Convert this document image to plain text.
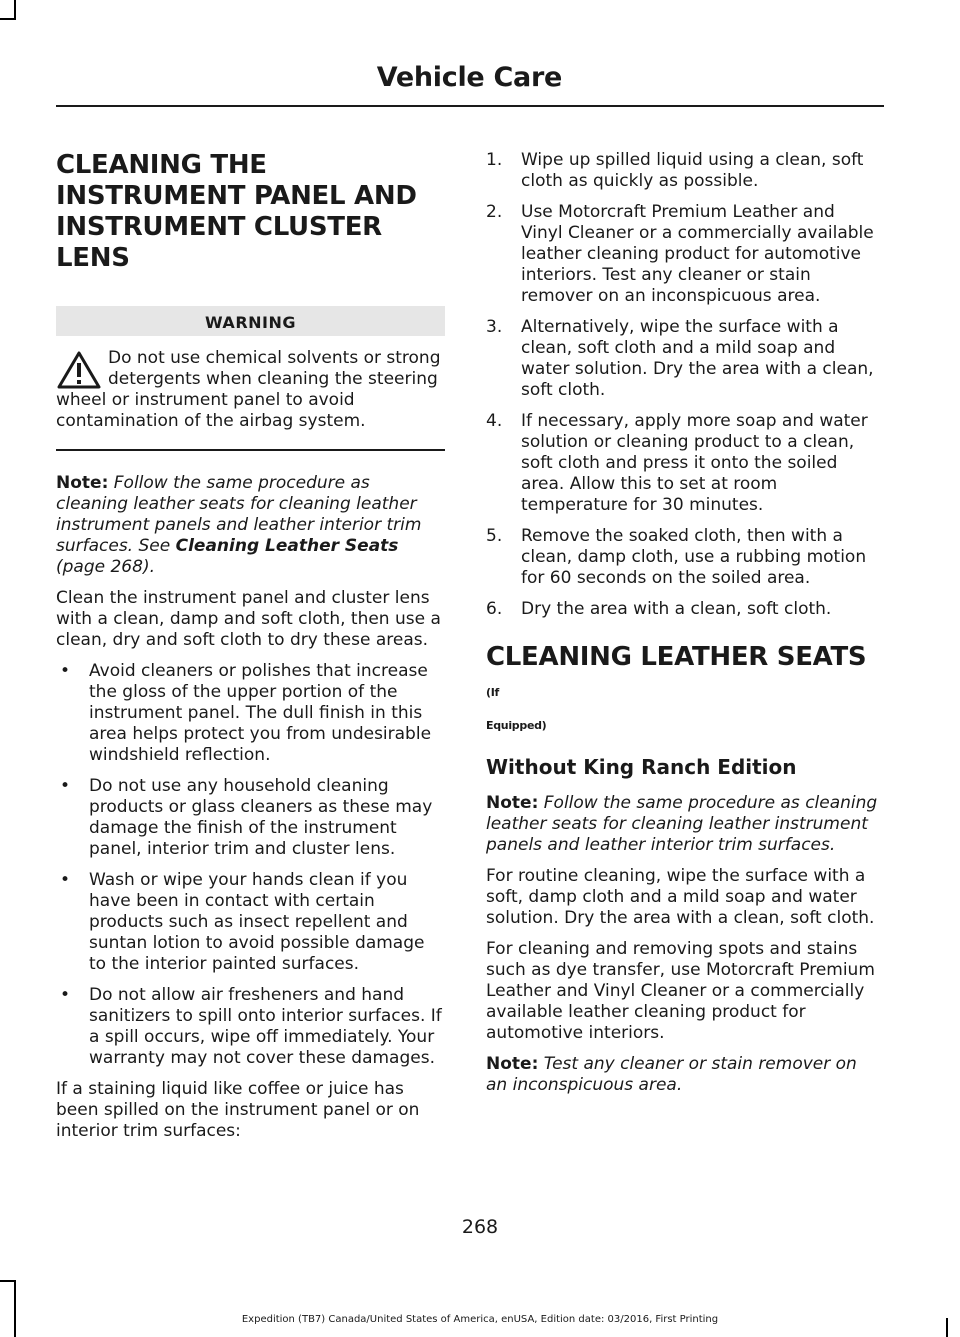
Vehicle Care
CLEANING THE INSTRUMENT PANEL AND INSTRUMENT CLUSTER LENS
WARNING
Do not use chemical solvents or strong detergents when cleaning the steering wheel or instrument panel to avoid contamination of the airbag system.

Note: Follow the same procedure as cleaning leather seats for cleaning leather instrument panels and leather interior trim surfaces. See Cleaning Leather Seats (page 268).

Clean the instrument panel and cluster lens with a clean, damp and soft cloth, then use a clean, dry and soft cloth to dry these areas.

• Avoid cleaners or polishes that increase the gloss of the upper portion of the instrument panel. The dull finish in this area helps protect you from undesirable windshield reflection.
• Do not use any household cleaning products or glass cleaners as these may damage the finish of the instrument panel, interior trim and cluster lens.
• Wash or wipe your hands clean if you have been in contact with certain products such as insect repellent and suntan lotion to avoid possible damage to the interior painted surfaces.
• Do not allow air fresheners and hand sanitizers to spill onto interior surfaces. If a spill occurs, wipe off immediately. Your warranty may not cover these damages.

If a staining liquid like coffee or juice has been spilled on the instrument panel or on interior trim surfaces:

1. Wipe up spilled liquid using a clean, soft cloth as quickly as possible.
2. Use Motorcraft Premium Leather and Vinyl Cleaner or a commercially available leather cleaning product for automotive interiors. Test any cleaner or stain remover on an inconspicuous area.
3. Alternatively, wipe the surface with a clean, soft cloth and a mild soap and water solution. Dry the area with a clean, soft cloth.
4. If necessary, apply more soap and water solution or cleaning product to a clean, soft cloth and press it onto the soiled area. Allow this to set at room temperature for 30 minutes.
5. Remove the soaked cloth, then with a clean, damp cloth, use a rubbing motion for 60 seconds on the soiled area.
6. Dry the area with a clean, soft cloth.
CLEANING LEATHER SEATS (If
Equipped)
Without King Ranch Edition

Note: Follow the same procedure as cleaning leather seats for cleaning leather instrument panels and leather interior trim surfaces.

For routine cleaning, wipe the surface with a soft, damp cloth and a mild soap and water solution. Dry the area with a clean, soft cloth.

For cleaning and removing spots and stains such as dye transfer, use Motorcraft Premium Leather and Vinyl Cleaner or a commercially available leather cleaning product for automotive interiors.

Note: Test any cleaner or stain remover on an inconspicuous area.

268
Expedition (TB7) Canada/United States of America, enUSA, Edition date: 03/2016, First Printing
